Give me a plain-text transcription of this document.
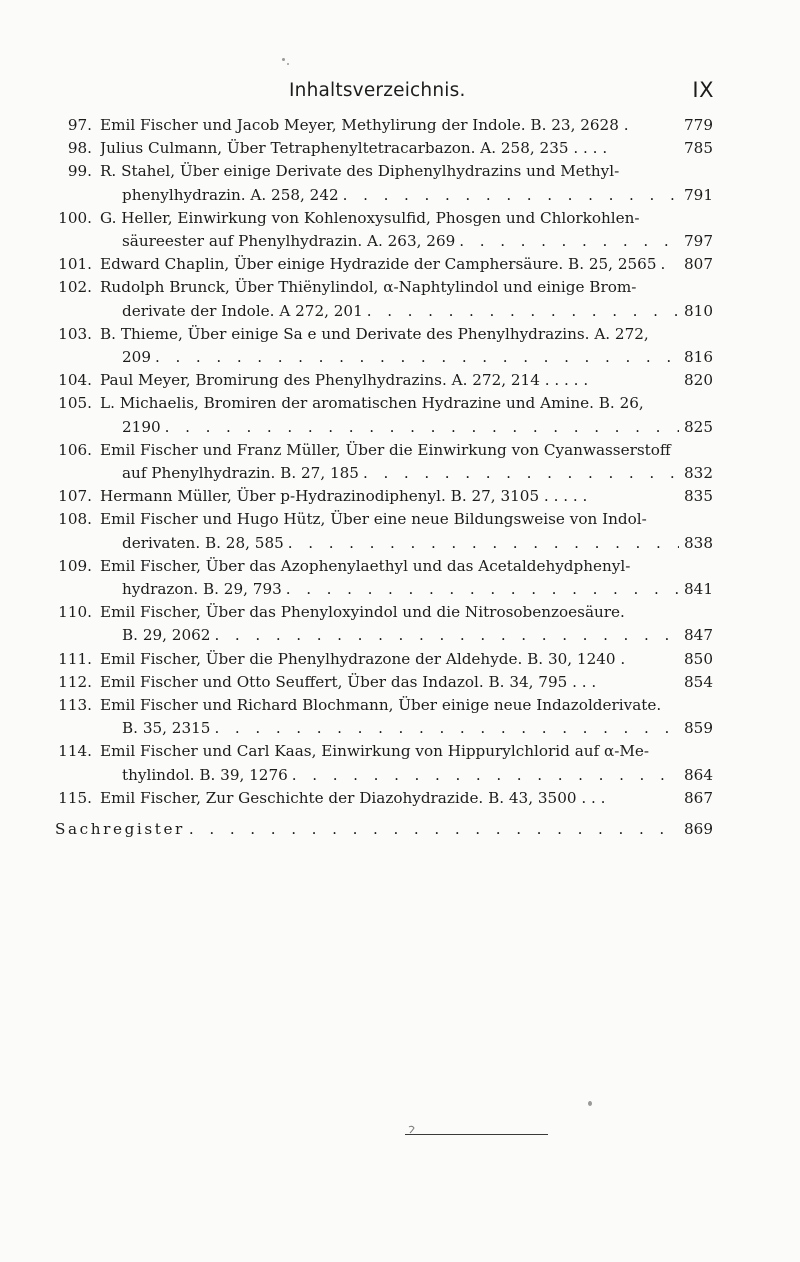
Inhaltsverzeichnis.	IX
97. Emil Fischer und Jacob Meyer, Methylirung der Indole. B. 23, 2628 .	779
98. Julius Culmann, Über Tetraphenyltetracarbazon. A. 258, 235 . . . .	785
99. R. Stahel, Über einige Derivate des Diphenylhydrazins und Methyl-
phenylhydrazin. A. 258, 242 . . .	791
100. G. Heller, Einwirkung von Kohlenoxysulfid, Phosgen und Chlorkohlen-
säureester auf Phenylhydrazin. A. 263, 269 . . .	797
101. Edward Chaplin, Über einige Hydrazide der Camphersäure. B. 25, 2565 . . .	807
102. Rudolph Brunck, Über Thiënylindol, α-Naphtylindol und einige Brom-
derivate der Indole. A 272, 201 . . .	810
103. B. Thieme, Über einige Sa e und Derivate des Phenylhydrazins. A. 272,
209 . . .	816
104. Paul Meyer, Bromirung des Phenylhydrazins. A. 272, 214 . . . . .	820
105. L. Michaelis, Bromiren der aromatischen Hydrazine und Amine. B. 26,
2190 . . .	825
106. Emil Fischer und Franz Müller, Über die Einwirkung von Cyanwasserstoff
auf Phenylhydrazin. B. 27, 185 . . .	832
107. Hermann Müller, Über p-Hydrazinodiphenyl. B. 27, 3105 . . . . .	835
108. Emil Fischer und Hugo Hütz, Über eine neue Bildungsweise von Indol-
derivaten. B. 28, 585 . . .	838
109. Emil Fischer, Über das Azophenylaethyl und das Acetaldehydphenyl-
hydrazon. B. 29, 793 . . .	841
110. Emil Fischer, Über das Phenyloxyindol und die Nitrosobenzoesäure.
B. 29, 2062 . . .	847
111. Emil Fischer, Über die Phenylhydrazone der Aldehyde. B. 30, 1240 .	850
112. Emil Fischer und Otto Seuffert, Über das Indazol. B. 34, 795 . . .	854
113. Emil Fischer und Richard Blochmann, Über einige neue Indazolderivate.
B. 35, 2315 . . .	859
114. Emil Fischer und Carl Kaas, Einwirkung von Hippurylchlorid auf α-Me-
thylindol. B. 39, 1276 . . .	864
115. Emil Fischer, Zur Geschichte der Diazohydrazide. B. 43, 3500 . . .	867
Sachregister . . .	869
